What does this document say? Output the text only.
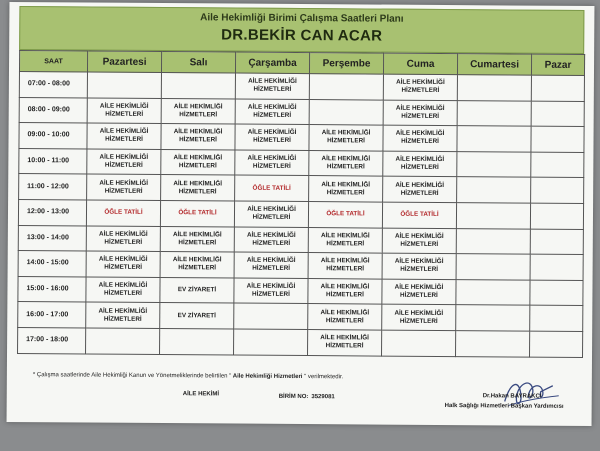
Aile Hekimliği Birimi Çalışma Saatleri Planı
DR.BEKİR CAN ACAR
SAAT	Pazartesi	Salı	Çarşamba	Perşembe	Cuma	Cumartesi	Pazar
07:00 - 08:00			AİLE HEKİMLİĞİ HİZMETLERİ		AİLE HEKİMLİĞİ HİZMETLERİ		
08:00 - 09:00	AİLE HEKİMLİĞİ HİZMETLERİ	AİLE HEKİMLİĞİ HİZMETLERİ	AİLE HEKİMLİĞİ HİZMETLERİ		AİLE HEKİMLİĞİ HİZMETLERİ		
09:00 - 10:00	AİLE HEKİMLİĞİ HİZMETLERİ	AİLE HEKİMLİĞİ HİZMETLERİ	AİLE HEKİMLİĞİ HİZMETLERİ	AİLE HEKİMLİĞİ HİZMETLERİ	AİLE HEKİMLİĞİ HİZMETLERİ		
10:00 - 11:00	AİLE HEKİMLİĞİ HİZMETLERİ	AİLE HEKİMLİĞİ HİZMETLERİ	AİLE HEKİMLİĞİ HİZMETLERİ	AİLE HEKİMLİĞİ HİZMETLERİ	AİLE HEKİMLİĞİ HİZMETLERİ		
11:00 - 12:00	AİLE HEKİMLİĞİ HİZMETLERİ	AİLE HEKİMLİĞİ HİZMETLERİ	ÖĞLE TATİLİ	AİLE HEKİMLİĞİ HİZMETLERİ	AİLE HEKİMLİĞİ HİZMETLERİ		
12:00 - 13:00	ÖĞLE TATİLİ	ÖĞLE TATİLİ	AİLE HEKİMLİĞİ HİZMETLERİ	ÖĞLE TATİLİ	ÖĞLE TATİLİ		
13:00 - 14:00	AİLE HEKİMLİĞİ HİZMETLERİ	AİLE HEKİMLİĞİ HİZMETLERİ	AİLE HEKİMLİĞİ HİZMETLERİ	AİLE HEKİMLİĞİ HİZMETLERİ	AİLE HEKİMLİĞİ HİZMETLERİ		
14:00 - 15:00	AİLE HEKİMLİĞİ HİZMETLERİ	AİLE HEKİMLİĞİ HİZMETLERİ	AİLE HEKİMLİĞİ HİZMETLERİ	AİLE HEKİMLİĞİ HİZMETLERİ	AİLE HEKİMLİĞİ HİZMETLERİ		
15:00 - 16:00	AİLE HEKİMLİĞİ HİZMETLERİ	EV ZİYARETİ	AİLE HEKİMLİĞİ HİZMETLERİ	AİLE HEKİMLİĞİ HİZMETLERİ	AİLE HEKİMLİĞİ HİZMETLERİ		
16:00 - 17:00	AİLE HEKİMLİĞİ HİZMETLERİ	EV ZİYARETİ		AİLE HEKİMLİĞİ HİZMETLERİ	AİLE HEKİMLİĞİ HİZMETLERİ		
17:00 - 18:00				AİLE HEKİMLİĞİ HİZMETLERİ			
* Çalışma saatlerinde Aile Hekimliği Kanun ve Yönetmeliklerinde belirtilen " Aile Hekimliği Hizmetleri " verilmektedir.
AİLE HEKİMİ	BİRİM NO: 3529081	Dr.Hakan BAYRAKCI
Halk Sağlığı Hizmetleri Başkan Yardımcısı
